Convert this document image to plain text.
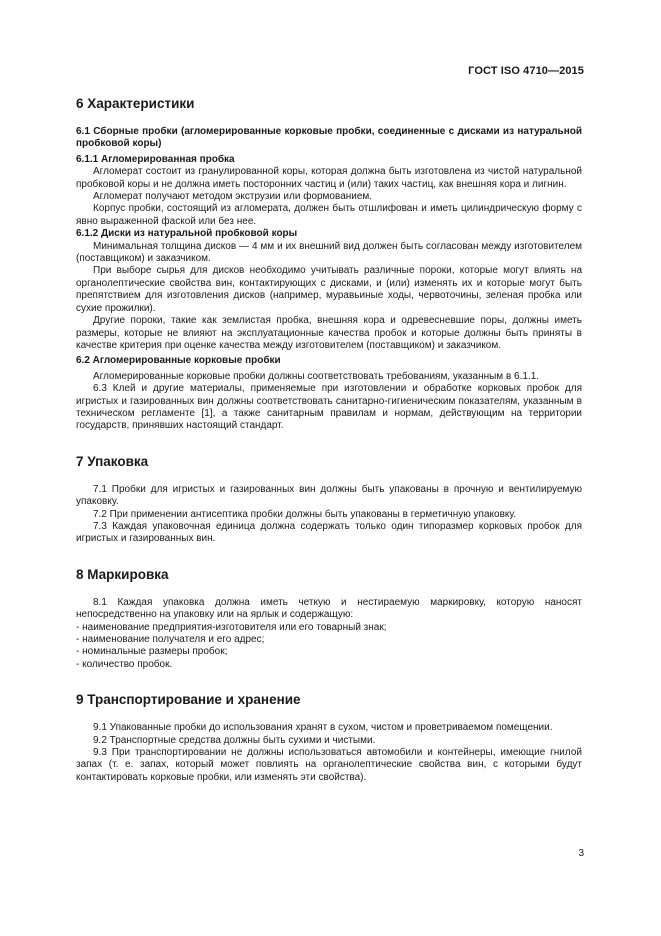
ГОСТ ISO 4710—2015
6 Характеристики
6.1 Сборные пробки (агломерированные корковые пробки, соединенные с дисками из натуральной пробковой коры)
6.1.1 Агломерированная пробка

Агломерат состоит из гранулированной коры, которая должна быть изготовлена из чистой натуральной пробковой коры и не должна иметь посторонних частиц и (или) таких частиц, как внешняя кора и лигнин.

Агломерат получают методом экструзии или формованием.

Корпус пробки, состоящий из агломерата, должен быть отшлифован и иметь цилиндрическую форму с явно выраженной фаской или без нее.

6.1.2 Диски из натуральной пробковой коры

Минимальная толщина дисков — 4 мм и их внешний вид должен быть согласован между изготовителем (поставщиком) и заказчиком.

При выборе сырья для дисков необходимо учитывать различные пороки, которые могут влиять на органолептические свойства вин, контактирующих с дисками, и (или) изменять их и которые могут быть препятствием для изготовления дисков (например, муравьиные ходы, червоточины, зеленая пробка или сухие прожилки).

Другие пороки, такие как землистая пробка, внешняя кора и одревесневшие поры, должны иметь размеры, которые не влияют на эксплуатационные качества пробок и которые должны быть приняты в качестве критерия при оценке качества между изготовителем (поставщиком) и заказчиком.

6.2 Агломерированные корковые пробки

Агломерированные корковые пробки должны соответствовать требованиям, указанным в 6.1.1.

6.3 Клей и другие материалы, применяемые при изготовлении и обработке корковых пробок для игристых и газированных вин должны соответствовать санитарно-гигиеническим показателям, указанным в техническом регламенте [1], а также санитарным правилам и нормам, действующим на территории государств, принявших настоящий стандарт.

7 Упаковка

7.1 Пробки для игристых и газированных вин должны быть упакованы в прочную и вентилируемую упаковку.

7.2 При применении антисептика пробки должны быть упакованы в герметичную упаковку.

7.3 Каждая упаковочная единица должна содержать только один типоразмер корковых пробок для игристых и газированных вин.

8 Маркировка

8.1 Каждая упаковка должна иметь четкую и нестираемую маркировку, которую наносят непосредственно на упаковку или на ярлык и содержащую:

- наименование предприятия-изготовителя или его товарный знак;
- наименование получателя и его адрес;
- номинальные размеры пробок;
- количество пробок.
9 Транспортирование и хранение

9.1 Упакованные пробки до использования хранят в сухом, чистом и проветриваемом помещении.

9.2 Транспортные средства должны быть сухими и чистыми.

9.3 При транспортировании не должны использоваться автомобили и контейнеры, имеющие гнилой запах (т. е. запах, который может повлиять на органолептические свойства вин, с которыми будут контактировать корковые пробки, или изменять эти свойства).

3
